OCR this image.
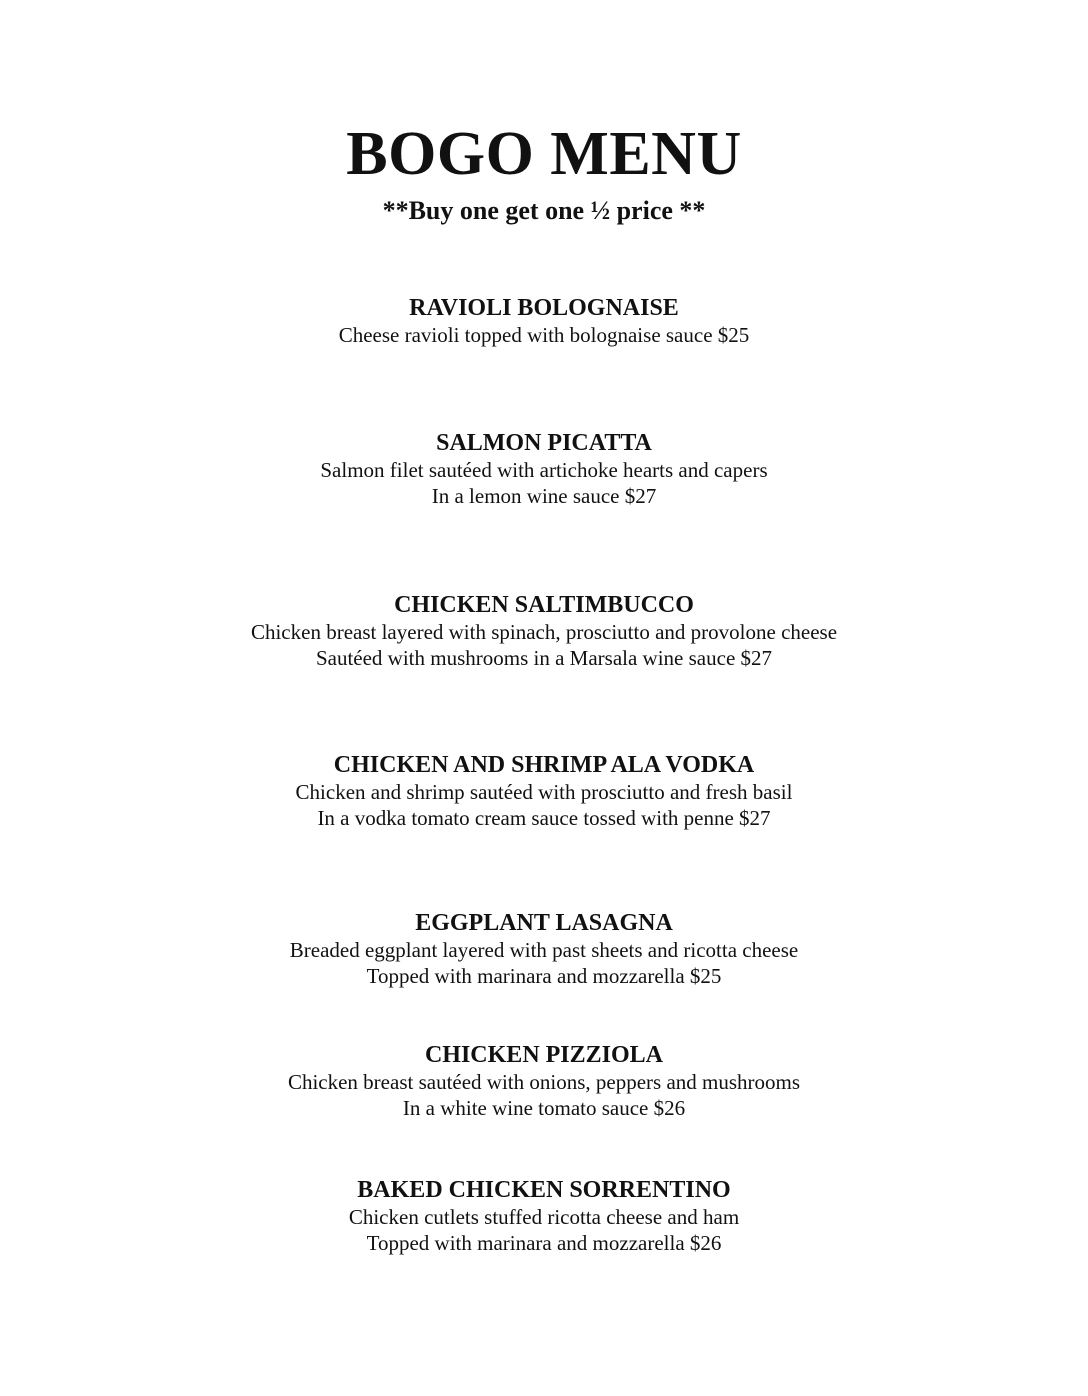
BOGO MENU
**Buy one get one ½ price **

RAVIOLI BOLOGNAISE

Cheese ravioli topped with bolognaise sauce $25

SALMON PICATTA

Salmon filet sautéed with artichoke hearts and capers

In a lemon wine sauce $27

CHICKEN SALTIMBUCCO

Chicken breast layered with spinach, prosciutto and provolone cheese

Sautéed with mushrooms in a Marsala wine sauce $27

CHICKEN AND SHRIMP ALA VODKA

Chicken and shrimp sautéed with prosciutto and fresh basil

In a vodka tomato cream sauce tossed with penne $27

EGGPLANT LASAGNA

Breaded eggplant layered with past sheets and ricotta cheese

Topped with marinara and mozzarella $25

CHICKEN PIZZIOLA

Chicken breast sautéed with onions, peppers and mushrooms

In a white wine tomato sauce $26

BAKED CHICKEN SORRENTINO

Chicken cutlets stuffed ricotta cheese and ham

Topped with marinara and mozzarella $26
